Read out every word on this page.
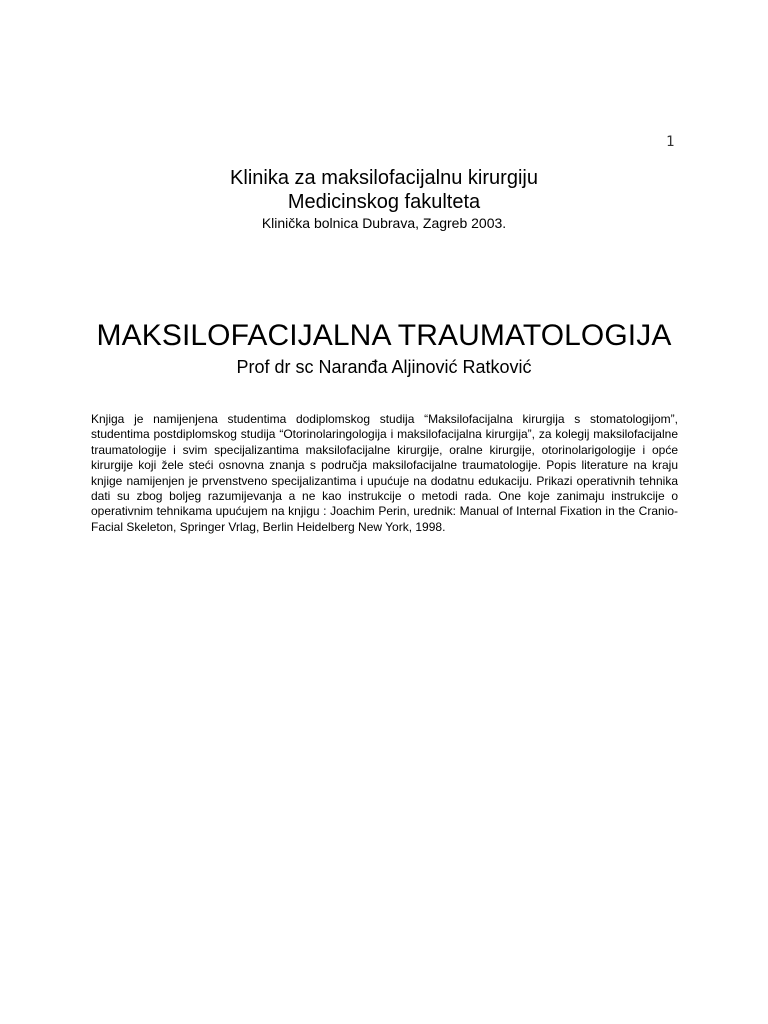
1

Klinika za maksilofacijalnu kirurgiju

Medicinskog fakulteta

Klinička bolnica Dubrava, Zagreb 2003.

MAKSILOFACIJALNA TRAUMATOLOGIJA

Prof dr sc Naranđa Aljinović Ratković

Knjiga je namijenjena studentima dodiplomskog studija “Maksilofacijalna kirurgija s stomatologijom”, studentima postdiplomskog studija “Otorinolaringologija i maksilofacijalna kirurgija”, za kolegij maksilofacijalne traumatologije i svim specijalizantima maksilofacijalne kirurgije, oralne kirurgije, otorinolarigologije i opće kirurgije koji žele steći osnovna znanja s područja maksilofacijalne traumatologije. Popis literature na kraju knjige namijenjen je prvenstveno specijalizantima i upućuje na dodatnu edukaciju. Prikazi operativnih tehnika dati su zbog boljeg razumijevanja a ne kao instrukcije o metodi rada. One koje zanimaju instrukcije o operativnim tehnikama upućujem na knjigu : Joachim Perin, urednik: Manual of Internal Fixation in the Cranio-Facial Skeleton, Springer Vrlag, Berlin Heidelberg New York, 1998.
